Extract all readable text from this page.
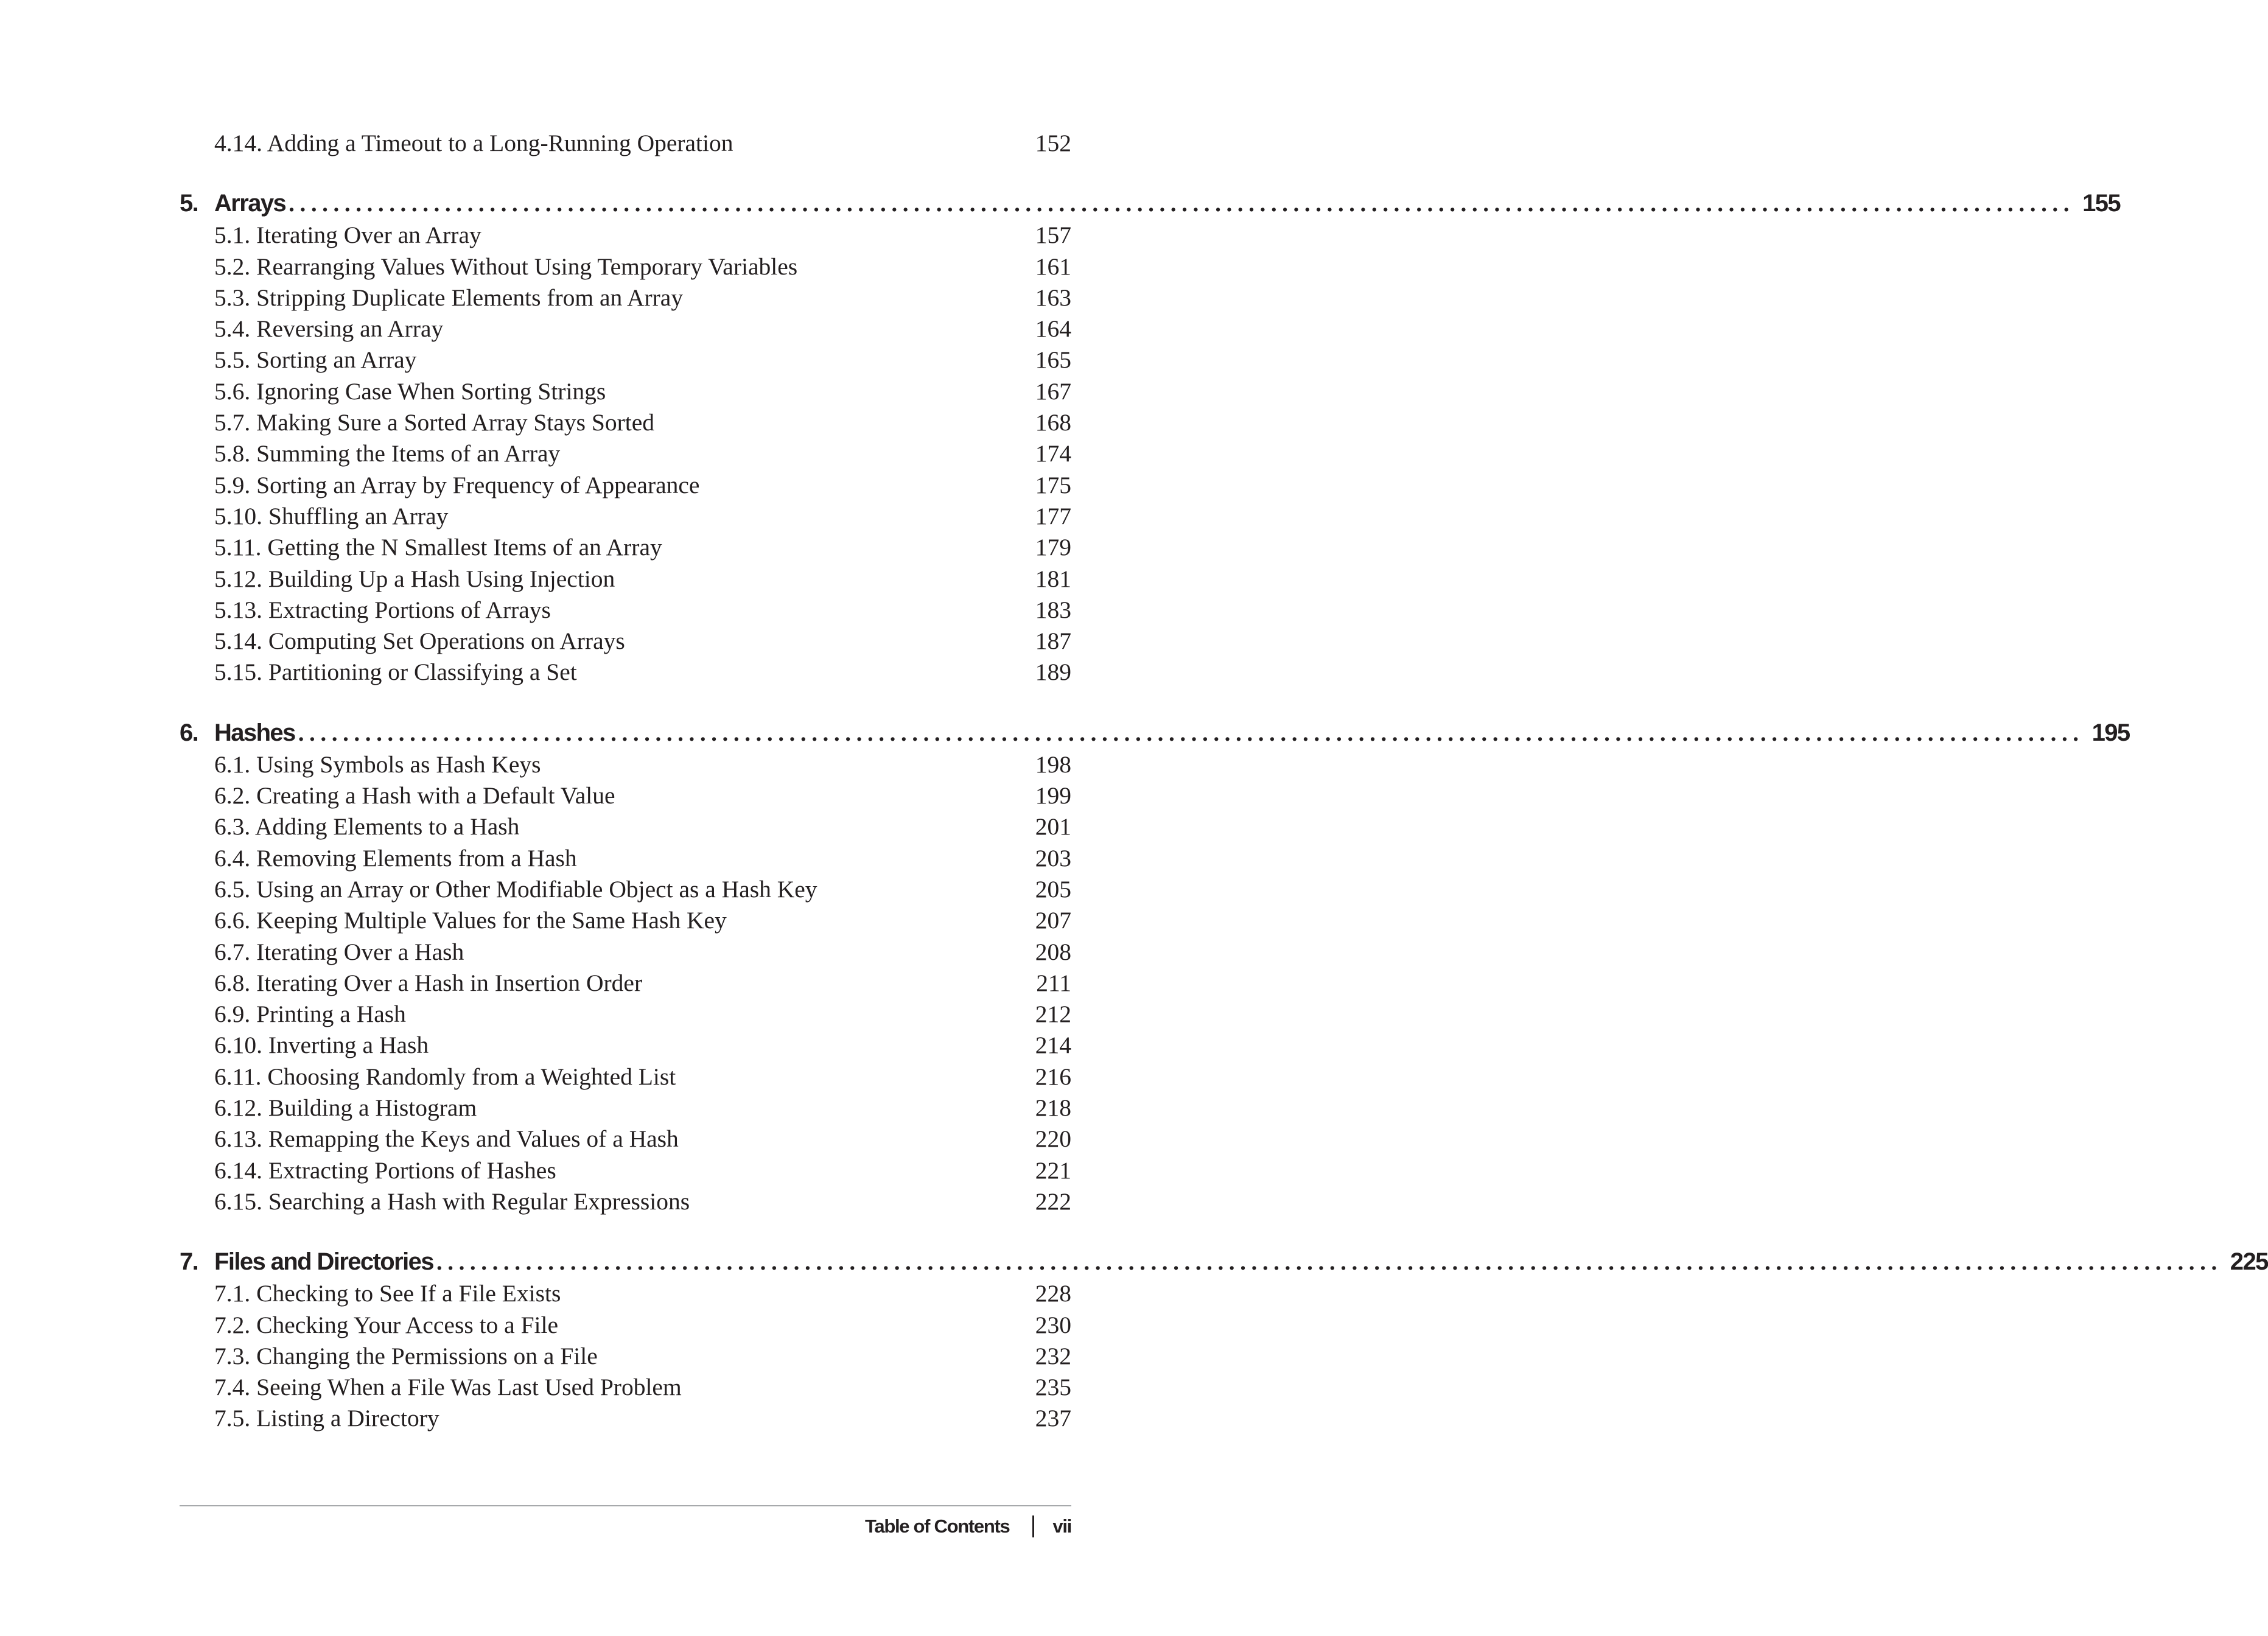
4.14. Adding a Timeout to a Long-Running Operation	152
5. Arrays ................................................................................................................................................................ 155
5.1. Iterating Over an Array	157
5.2. Rearranging Values Without Using Temporary Variables	161
5.3. Stripping Duplicate Elements from an Array	163
5.4. Reversing an Array	164
5.5. Sorting an Array	165
5.6. Ignoring Case When Sorting Strings	167
5.7. Making Sure a Sorted Array Stays Sorted	168
5.8. Summing the Items of an Array	174
5.9. Sorting an Array by Frequency of Appearance	175
5.10. Shuffling an Array	177
5.11. Getting the N Smallest Items of an Array	179
5.12. Building Up a Hash Using Injection	181
5.13. Extracting Portions of Arrays	183
5.14. Computing Set Operations on Arrays	187
5.15. Partitioning or Classifying a Set	189
6. Hashes ................................................................................................................................................................ 195
6.1. Using Symbols as Hash Keys	198
6.2. Creating a Hash with a Default Value	199
6.3. Adding Elements to a Hash	201
6.4. Removing Elements from a Hash	203
6.5. Using an Array or Other Modifiable Object as a Hash Key	205
6.6. Keeping Multiple Values for the Same Hash Key	207
6.7. Iterating Over a Hash	208
6.8. Iterating Over a Hash in Insertion Order	211
6.9. Printing a Hash	212
6.10. Inverting a Hash	214
6.11. Choosing Randomly from a Weighted List	216
6.12. Building a Histogram	218
6.13. Remapping the Keys and Values of a Hash	220
6.14. Extracting Portions of Hashes	221
6.15. Searching a Hash with Regular Expressions	222
7. Files and Directories ................................................................................................................................................................ 225
7.1. Checking to See If a File Exists	228
7.2. Checking Your Access to a File	230
7.3. Changing the Permissions on a File	232
7.4. Seeing When a File Was Last Used Problem	235
7.5. Listing a Directory	237
Table of Contents vii
